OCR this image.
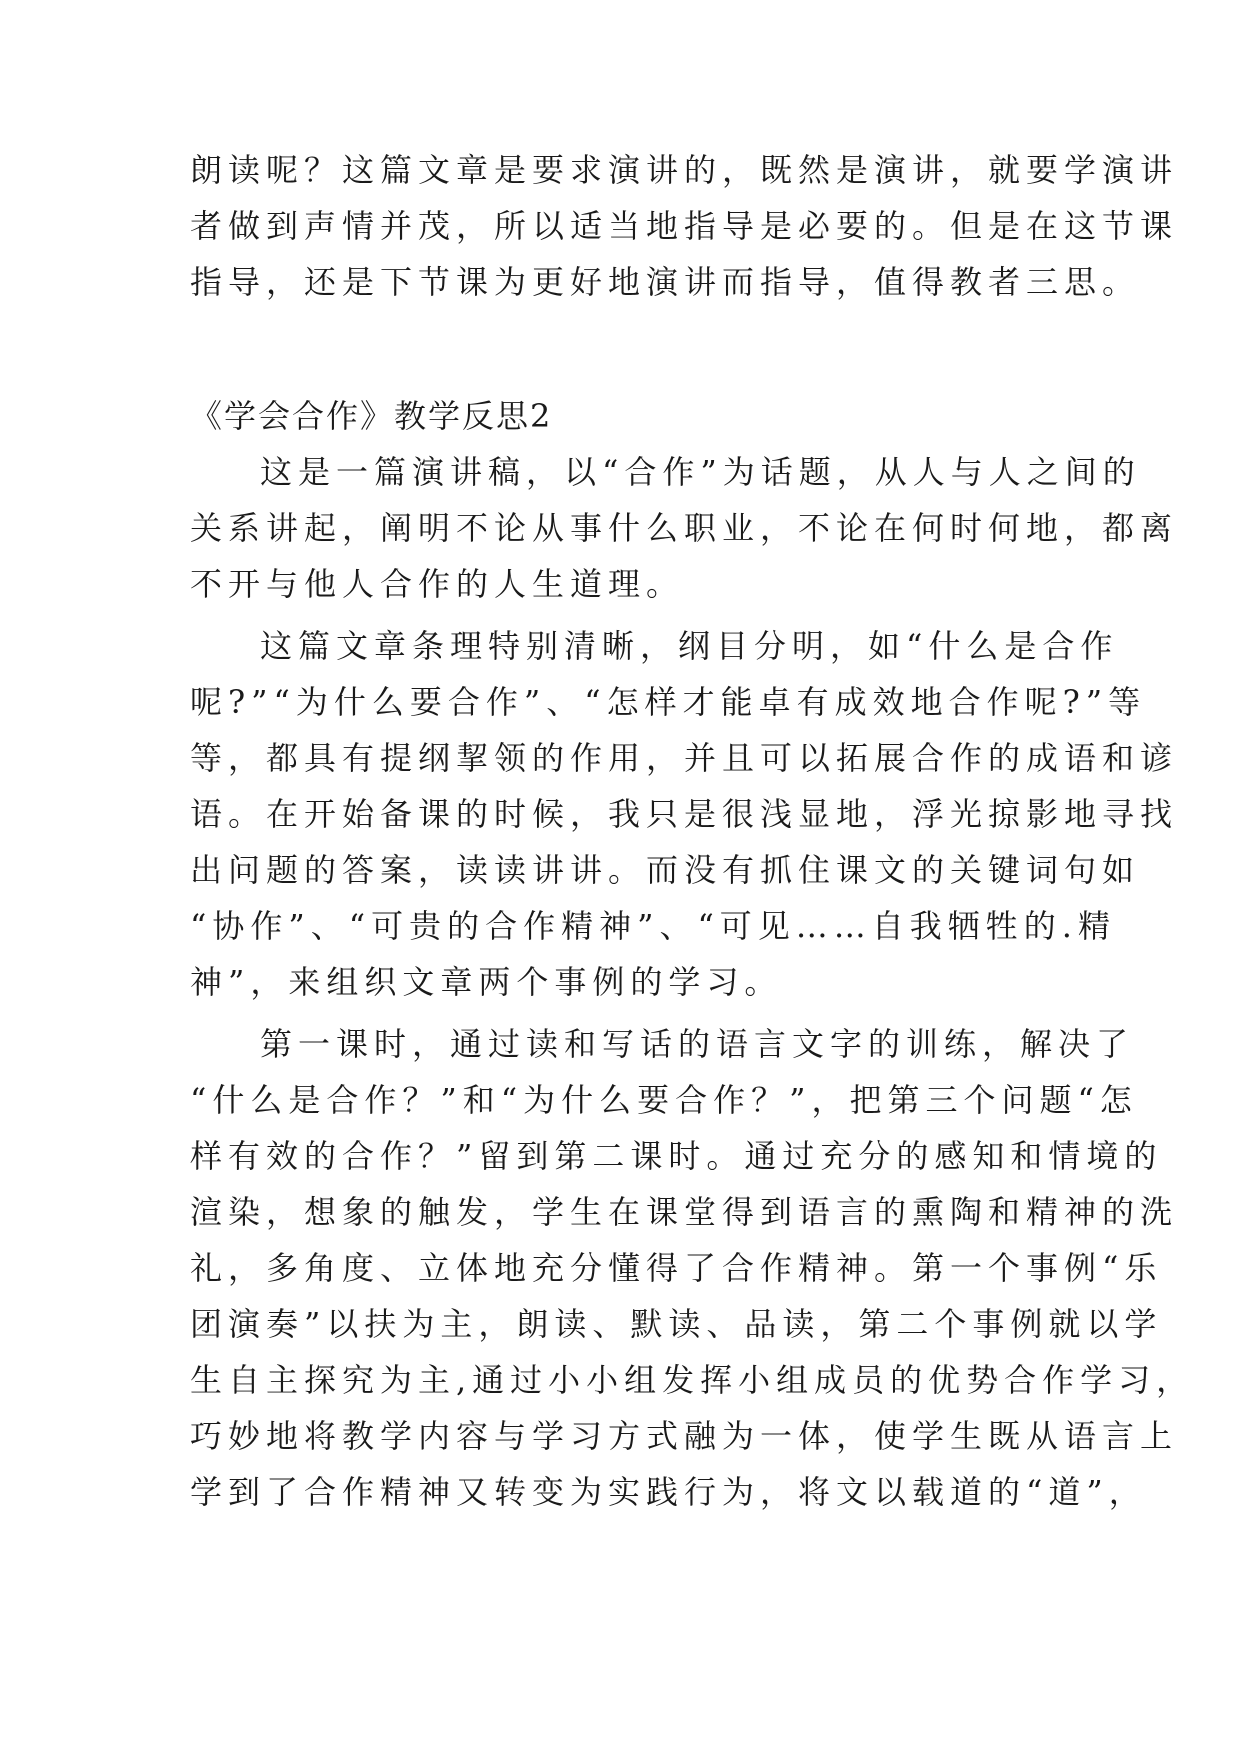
朗读呢？这篇文章是要求演讲的，既然是演讲，就要学演讲
者做到声情并茂，所以适当地指导是必要的。但是在这节课
指导，还是下节课为更好地演讲而指导，值得教者三思。
《学会合作》教学反思2
这是一篇演讲稿，以“合作”为话题，从人与人之间的
关系讲起，阐明不论从事什么职业，不论在何时何地，都离
不开与他人合作的人生道理。
这篇文章条理特别清晰，纲目分明，如“什么是合作
呢?”“为什么要合作”、“怎样才能卓有成效地合作呢?”等
等，都具有提纲挈领的作用，并且可以拓展合作的成语和谚
语。在开始备课的时候，我只是很浅显地，浮光掠影地寻找
出问题的答案，读读讲讲。而没有抓住课文的关键词句如
“协作”、“可贵的合作精神”、“可见……自我牺牲的.精
神”，来组织文章两个事例的学习。
第一课时，通过读和写话的语言文字的训练，解决了
“什么是合作？”和“为什么要合作？”，把第三个问题“怎
样有效的合作？”留到第二课时。通过充分的感知和情境的
渲染，想象的触发，学生在课堂得到语言的熏陶和精神的洗
礼，多角度、立体地充分懂得了合作精神。第一个事例“乐
团演奏”以扶为主，朗读、默读、品读，第二个事例就以学
生自主探究为主,通过小小组发挥小组成员的优势合作学习，
巧妙地将教学内容与学习方式融为一体，使学生既从语言上
学到了合作精神又转变为实践行为，将文以载道的“道”，
